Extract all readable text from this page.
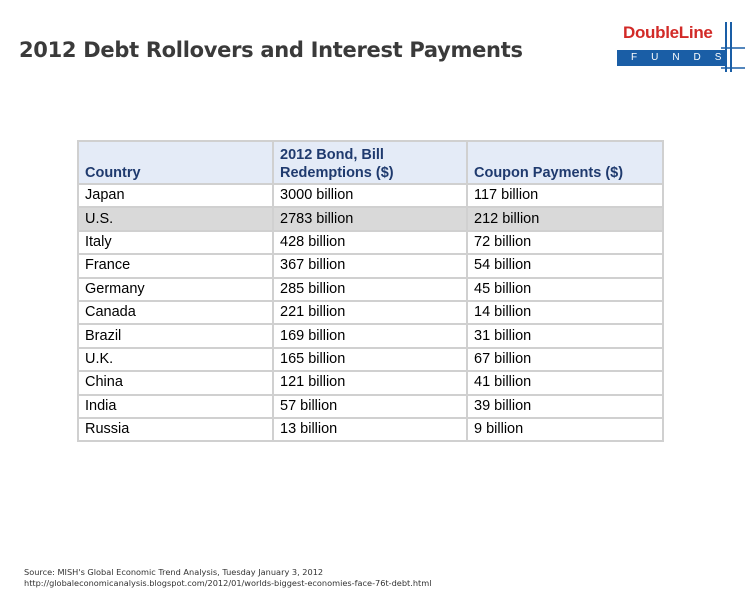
2012 Debt Rollovers and Interest Payments
DoubleLine
FUNDS
Country	2012 Bond, Bill Redemptions ($)	Coupon Payments ($)
Japan	3000 billion	117 billion
U.S.	2783 billion	212 billion
Italy	428 billion	72 billion
France	367 billion	54 billion
Germany	285 billion	45 billion
Canada	221 billion	14 billion
Brazil	169 billion	31 billion
U.K.	165 billion	67 billion
China	121 billion	41 billion
India	57 billion	39 billion
Russia	13 billion	9 billion
Source: MISH's Global Economic Trend Analysis, Tuesday January 3, 2012
http://globaleconomicanalysis.blogspot.com/2012/01/worlds-biggest-economies-face-76t-debt.html
